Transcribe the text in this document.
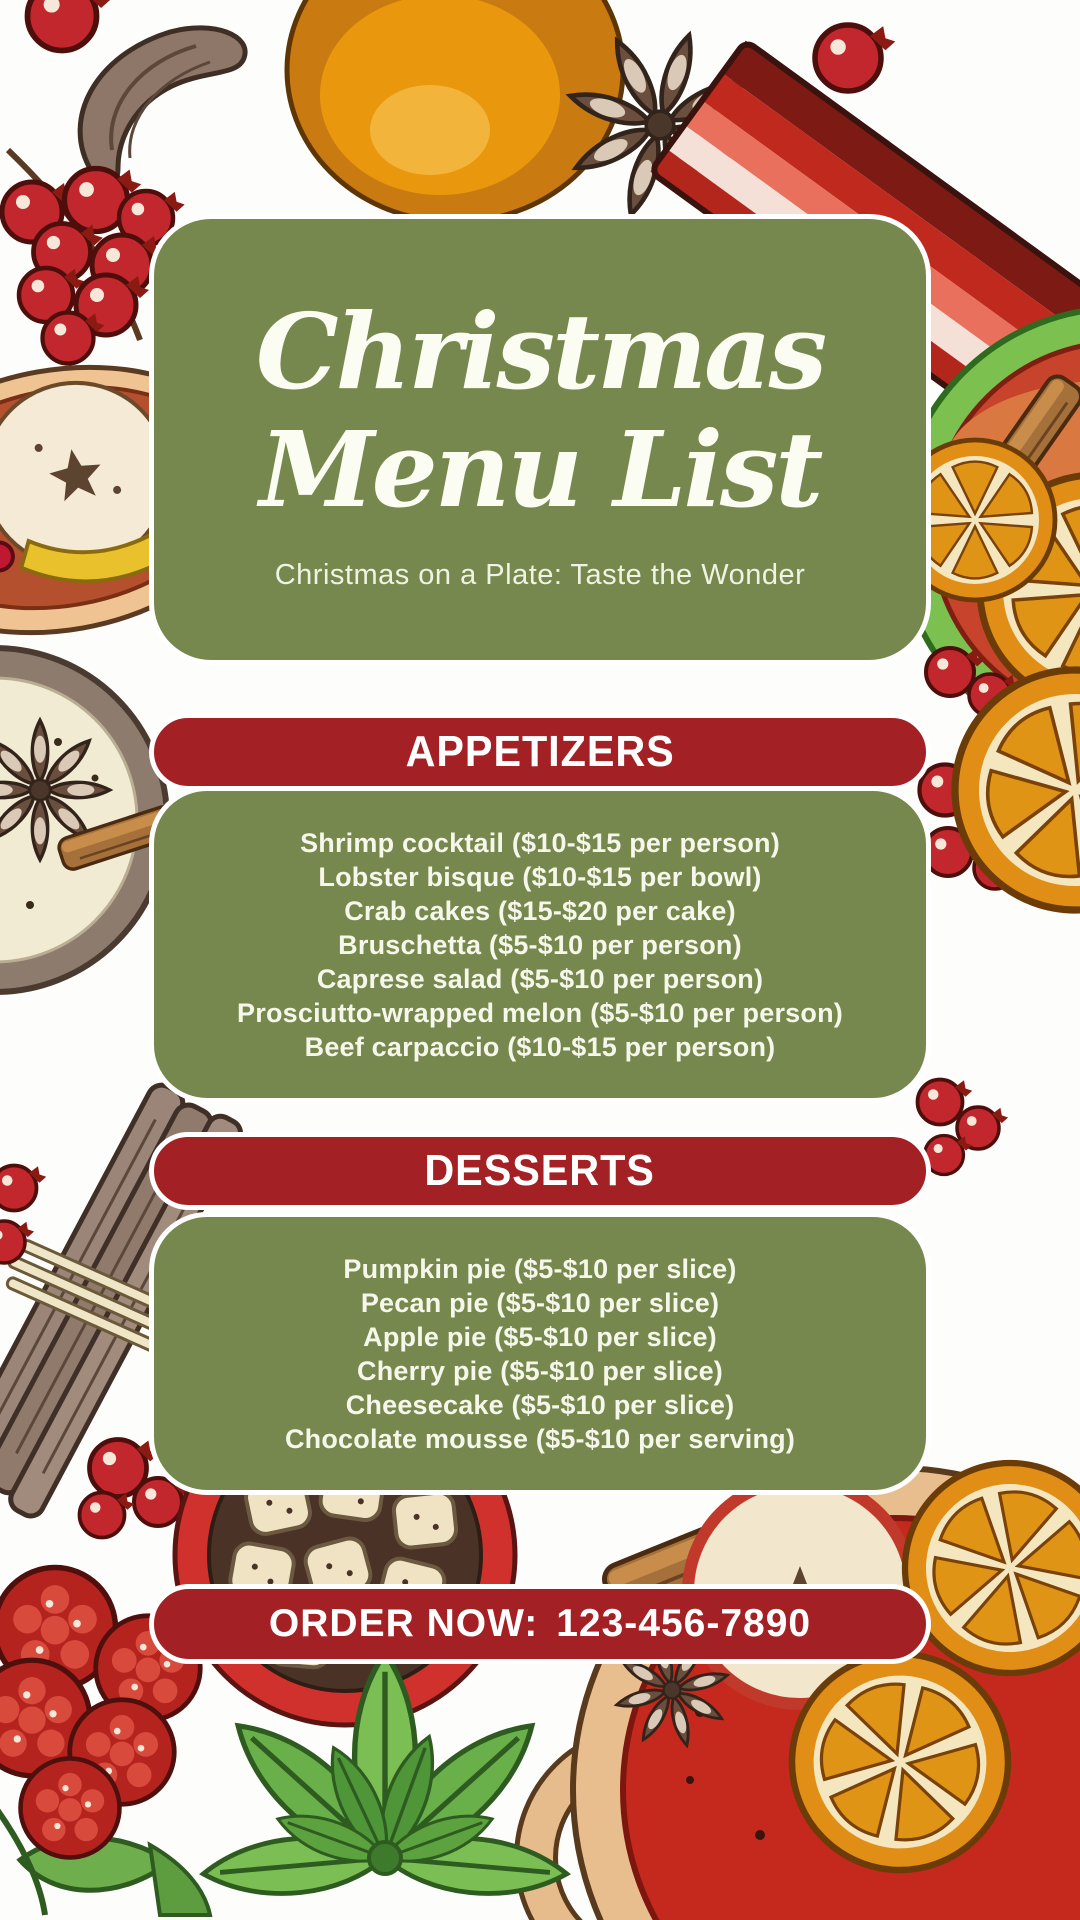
Christmas
Menu List
Christmas on a Plate: Taste the Wonder
APPETIZERS
Shrimp cocktail ($10-$15 per person)
Lobster bisque ($10-$15 per bowl)
Crab cakes ($15-$20 per cake)
Bruschetta ($5-$10 per person)
Caprese salad ($5-$10 per person)
Prosciutto-wrapped melon ($5-$10 per person)
Beef carpaccio ($10-$15 per person)
DESSERTS
Pumpkin pie ($5-$10 per slice)
Pecan pie ($5-$10 per slice)
Apple pie ($5-$10 per slice)
Cherry pie ($5-$10 per slice)
Cheesecake ($5-$10 per slice)
Chocolate mousse ($5-$10 per serving)
ORDER NOW: 123-456-7890
